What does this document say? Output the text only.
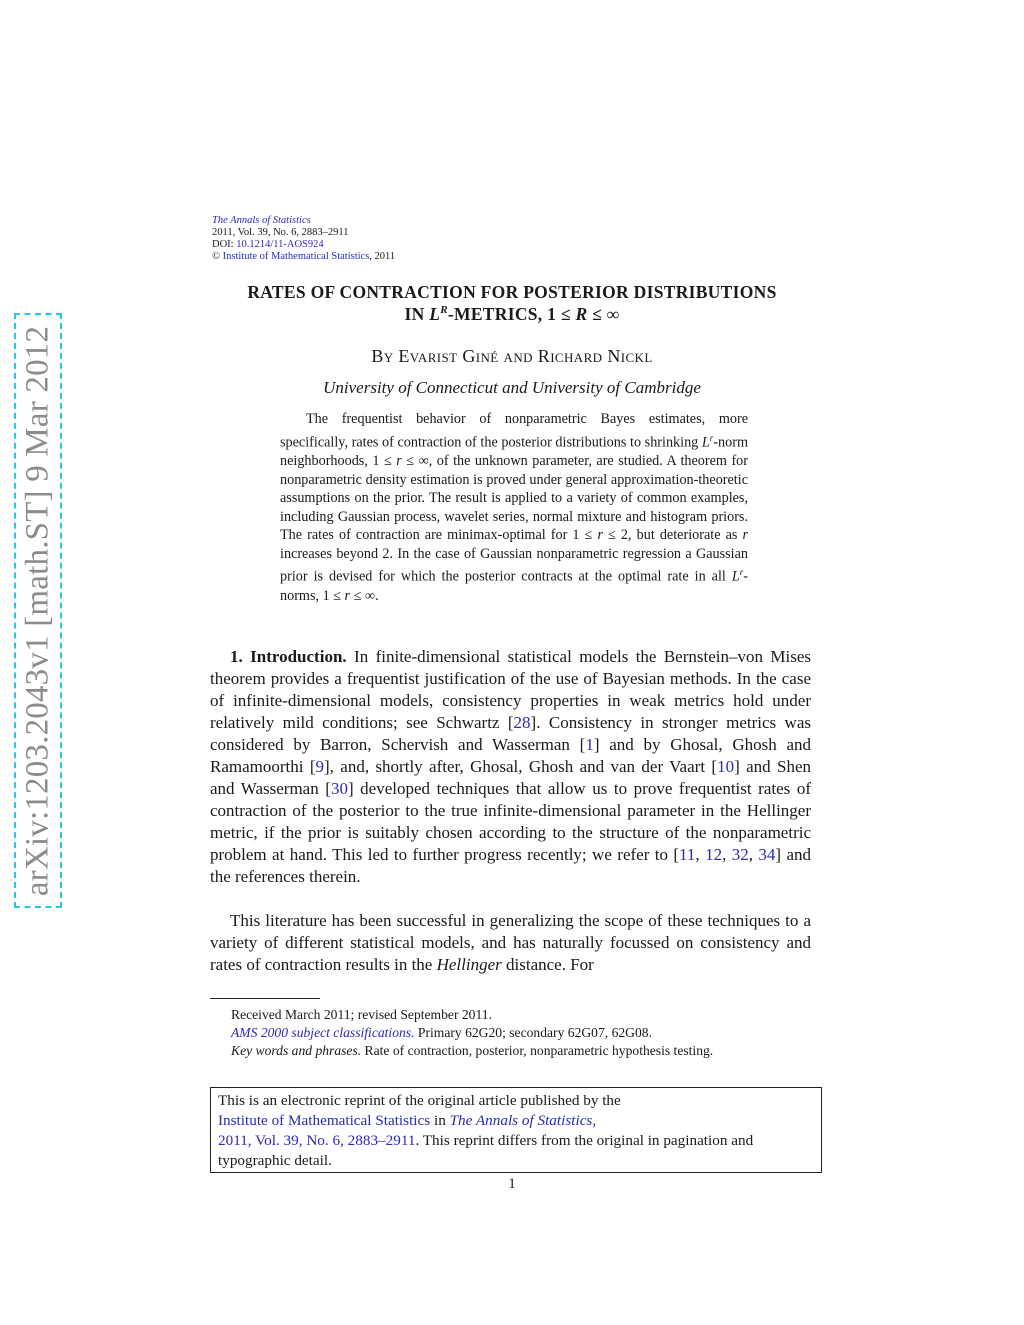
arXiv:1203.2043v1 [math.ST] 9 Mar 2012
The Annals of Statistics
2011, Vol. 39, No. 6, 2883–2911
DOI: 10.1214/11-AOS924
© Institute of Mathematical Statistics, 2011
RATES OF CONTRACTION FOR POSTERIOR DISTRIBUTIONS
IN $L^R$-METRICS, 1 ≤ R ≤ ∞
By Evarist Giné and Richard Nickl
University of Connecticut and University of Cambridge
The frequentist behavior of nonparametric Bayes estimates, more specifically, rates of contraction of the posterior distributions to shrinking $L^r$-norm neighborhoods, 1 ≤ r ≤ ∞, of the unknown parameter, are studied. A theorem for nonparametric density estimation is proved under general approximation-theoretic assumptions on the prior. The result is applied to a variety of common examples, including Gaussian process, wavelet series, normal mixture and histogram priors. The rates of contraction are minimax-optimal for 1 ≤ r ≤ 2, but deteriorate as r increases beyond 2. In the case of Gaussian nonparametric regression a Gaussian prior is devised for which the posterior contracts at the optimal rate in all $L^r$-norms, 1 ≤ r ≤ ∞.
1. Introduction. In finite-dimensional statistical models the Bernstein–von Mises theorem provides a frequentist justification of the use of Bayesian methods. In the case of infinite-dimensional models, consistency properties in weak metrics hold under relatively mild conditions; see Schwartz [28]. Consistency in stronger metrics was considered by Barron, Schervish and Wasserman [1] and by Ghosal, Ghosh and Ramamoorthi [9], and, shortly after, Ghosal, Ghosh and van der Vaart [10] and Shen and Wasserman [30] developed techniques that allow us to prove frequentist rates of contraction of the posterior to the true infinite-dimensional parameter in the Hellinger metric, if the prior is suitably chosen according to the structure of the nonparametric problem at hand. This led to further progress recently; we refer to [11, 12, 32, 34] and the references therein.
This literature has been successful in generalizing the scope of these techniques to a variety of different statistical models, and has naturally focussed on consistency and rates of contraction results in the Hellinger distance. For
Received March 2011; revised September 2011.
AMS 2000 subject classifications. Primary 62G20; secondary 62G07, 62G08.
Key words and phrases. Rate of contraction, posterior, nonparametric hypothesis testing.
This is an electronic reprint of the original article published by the
Institute of Mathematical Statistics in The Annals of Statistics,
2011, Vol. 39, No. 6, 2883–2911. This reprint differs from the original in pagination and typographic detail.
1
